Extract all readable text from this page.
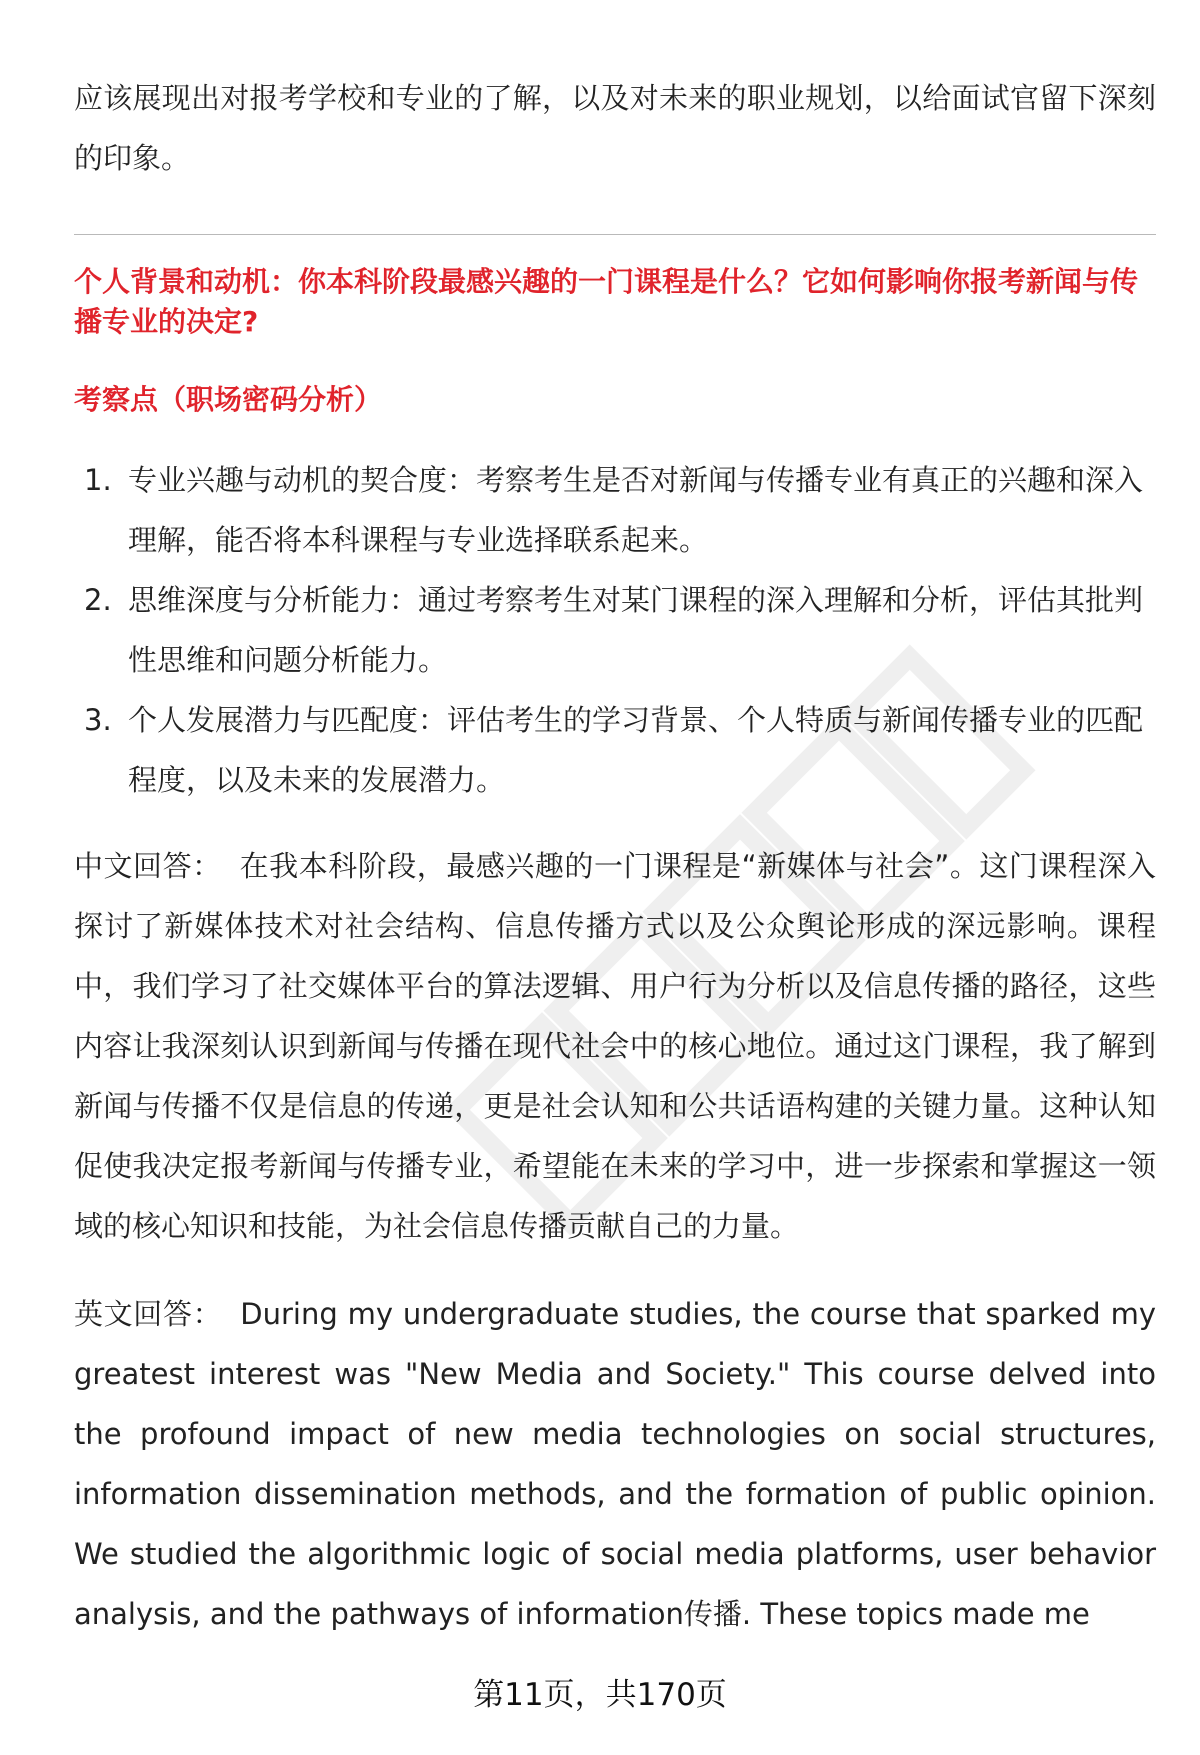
应该展现出对报考学校和专业的了解，以及对未来的职业规划，以给面试官留下深刻的印象。

个人背景和动机：你本科阶段最感兴趣的一门课程是什么？它如何影响你报考新闻与传播专业的决定?
考察点（职场密码分析）
1. 专业兴趣与动机的契合度：考察考生是否对新闻与传播专业有真正的兴趣和深入理解，能否将本科课程与专业选择联系起来。
2. 思维深度与分析能力：通过考察考生对某门课程的深入理解和分析，评估其批判性思维和问题分析能力。
3. 个人发展潜力与匹配度：评估考生的学习背景、个人特质与新闻传播专业的匹配程度，以及未来的发展潜力。

中文回答： 在我本科阶段，最感兴趣的一门课程是“新媒体与社会”。这门课程深入探讨了新媒体技术对社会结构、信息传播方式以及公众舆论形成的深远影响。课程中，我们学习了社交媒体平台的算法逻辑、用户行为分析以及信息传播的路径，这些内容让我深刻认识到新闻与传播在现代社会中的核心地位。通过这门课程，我了解到新闻与传播不仅是信息的传递，更是社会认知和公共话语构建的关键力量。这种认知促使我决定报考新闻与传播专业，希望能在未来的学习中，进一步探索和掌握这一领域的核心知识和技能，为社会信息传播贡献自己的力量。

英文回答： During my undergraduate studies, the course that sparked my greatest interest was "New Media and Society." This course delved into the profound impact of new media technologies on social structures, information dissemination methods, and the formation of public opinion. We studied the algorithmic logic of social media platforms, user behavior analysis, and the pathways of information传播. These topics made me

第11页，共170页
